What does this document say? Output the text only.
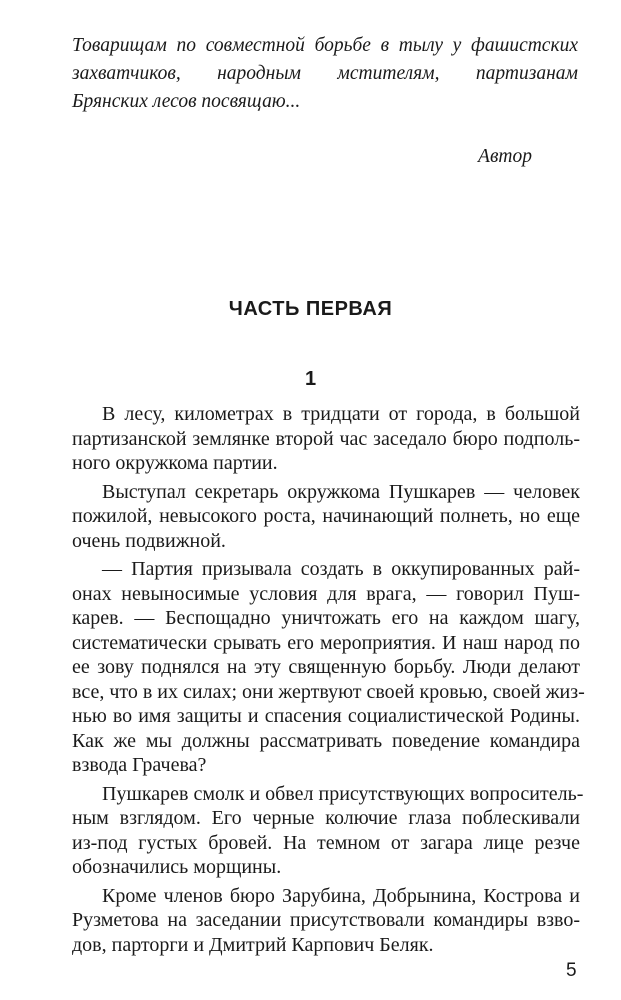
Товарищам по совместной борьбе в тылу у фашистских
захватчиков, народным мстителям, партизанам
Брянских лесов посвящаю...
Автор
ЧАСТЬ ПЕРВАЯ
1
В лесу, километрах в тридцати от города, в большой
партизанской землянке второй час заседало бюро подполь-
ного окружкома партии.
Выступал секретарь окружкома Пушкарев — человек
пожилой, невысокого роста, начинающий полнеть, но еще
очень подвижной.
— Партия призывала создать в оккупированных рай-
онах невыносимые условия для врага, — говорил Пуш-
карев. — Беспощадно уничтожать его на каждом шагу,
систематически срывать его мероприятия. И наш народ по
ее зову поднялся на эту священную борьбу. Люди делают
все, что в их силах; они жертвуют своей кровью, своей жиз-
нью во имя защиты и спасения социалистической Родины.
Как же мы должны рассматривать поведение командира
взвода Грачева?
Пушкарев смолк и обвел присутствующих вопроситель-
ным взглядом. Его черные колючие глаза поблескивали
из-под густых бровей. На темном от загара лице резче
обозначились морщины.
Кроме членов бюро Зарубина, Добрынина, Кострова и
Рузметова на заседании присутствовали командиры взво-
дов, парторги и Дмитрий Карпович Беляк.
5
